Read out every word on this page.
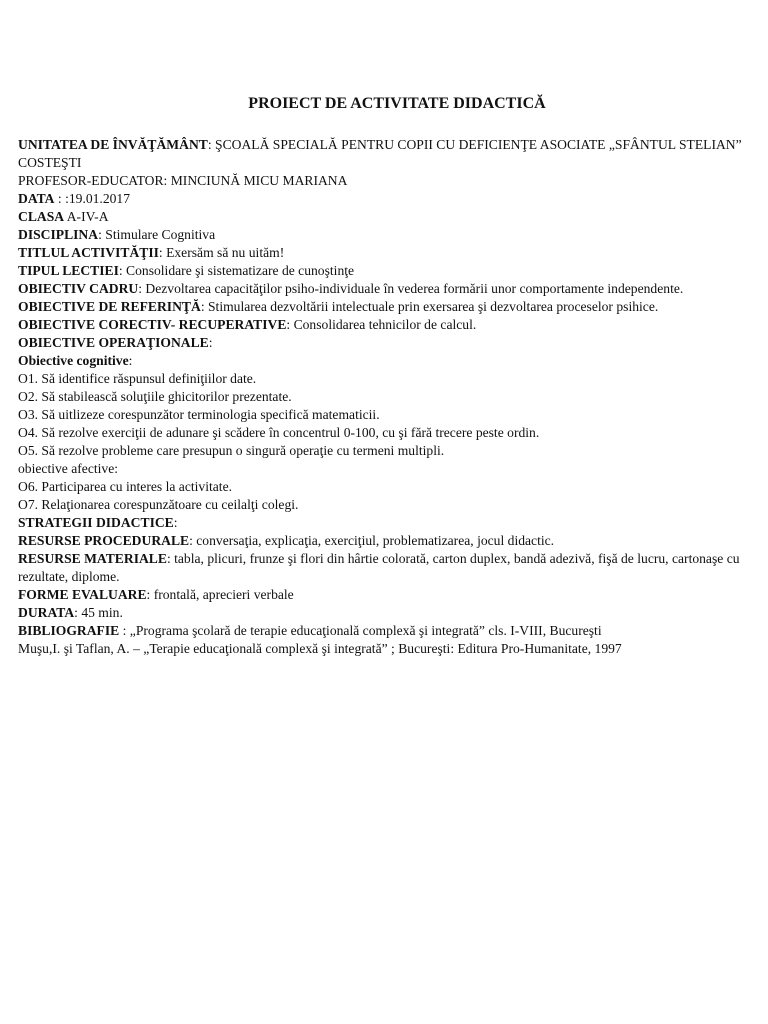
PROIECT DE ACTIVITATE DIDACTICĂ
UNITATEA DE ÎNVĂŢĂMÂNT: ŞCOALĂ SPECIALĂ PENTRU COPII CU DEFICIENŢE ASOCIATE „SFÂNTUL STELIAN” COSTEŞTI
PROFESOR-EDUCATOR: MINCIUNĂ MICU MARIANA
DATA : :19.01.2017
CLASA A-IV-A
DISCIPLINA: Stimulare Cognitiva
TITLUL ACTIVITĂŢII: Exersăm să nu uităm!
TIPUL LECTIEI: Consolidare şi sistematizare de cunoştinţe
OBIECTIV CADRU: Dezvoltarea capacităţilor psiho-individuale în vederea formării unor comportamente independente.
OBIECTIVE DE REFERINŢĂ: Stimularea dezvoltării intelectuale prin exersarea şi dezvoltarea proceselor psihice.
OBIECTIVE CORECTIV- RECUPERATIVE: Consolidarea tehnicilor de calcul.
OBIECTIVE OPERAŢIONALE:
Obiective cognitive:
O1. Să identifice răspunsul definiţiilor date.
O2. Să stabilească soluţiile ghicitorilor prezentate.
O3. Să uitlizeze corespunzător terminologia specifică matematicii.
O4. Să rezolve exerciţii de adunare şi scădere în concentrul 0-100, cu şi fără trecere peste ordin.
O5. Să rezolve probleme care presupun o singură operaţie cu termeni multipli.
obiective afective:
O6. Participarea cu interes la activitate.
O7. Relaţionarea corespunzătoare cu ceilalţi colegi.
STRATEGII DIDACTICE:
RESURSE PROCEDURALE: conversaţia, explicaţia, exerciţiul, problematizarea, jocul didactic.
RESURSE MATERIALE: tabla, plicuri, frunze şi flori din hârtie colorată, carton duplex, bandă adezivă, fişă de lucru, cartonaşe cu rezultate, diplome.
FORME EVALUARE: frontală, aprecieri verbale
DURATA: 45 min.
BIBLIOGRAFIE : „Programa şcolară de terapie educaţională complexă şi integrată” cls. I-VIII, Bucureşti
Muşu,I. şi Taflan, A. – „Terapie educaţională complexă şi integrată” ; Bucureşti: Editura Pro-Humanitate, 1997
